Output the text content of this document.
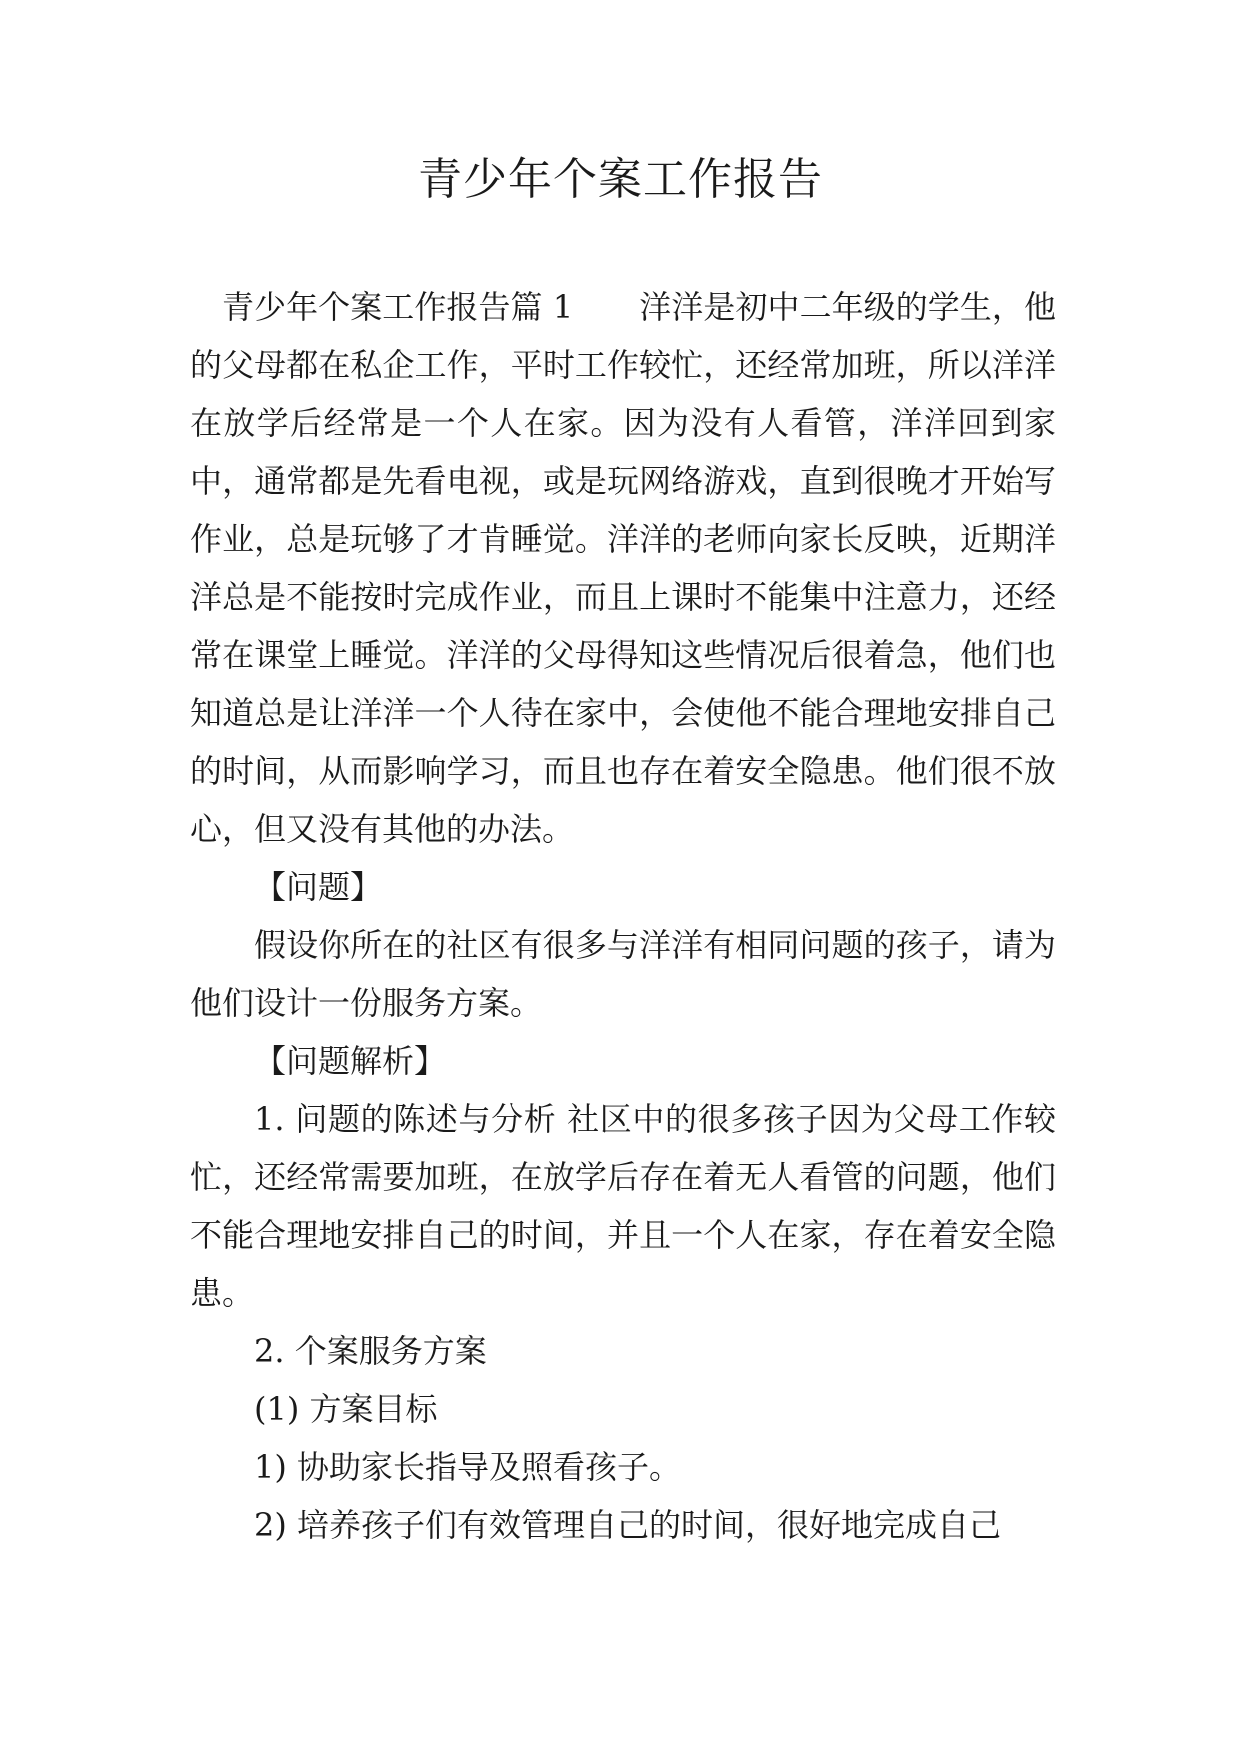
青少年个案工作报告

青少年个案工作报告篇 1 洋洋是初中二年级的学生，他的父母都在私企工作，平时工作较忙，还经常加班，所以洋洋在放学后经常是一个人在家。因为没有人看管，洋洋回到家中，通常都是先看电视，或是玩网络游戏，直到很晚才开始写作业，总是玩够了才肯睡觉。洋洋的老师向家长反映，近期洋洋总是不能按时完成作业，而且上课时不能集中注意力，还经常在课堂上睡觉。洋洋的父母得知这些情况后很着急，他们也知道总是让洋洋一个人待在家中，会使他不能合理地安排自己的时间，从而影响学习，而且也存在着安全隐患。他们很不放心，但又没有其他的办法。

【问题】

假设你所在的社区有很多与洋洋有相同问题的孩子，请为他们设计一份服务方案。

【问题解析】

1. 问题的陈述与分析 社区中的很多孩子因为父母工作较忙，还经常需要加班，在放学后存在着无人看管的问题，他们不能合理地安排自己的时间，并且一个人在家，存在着安全隐患。

2. 个案服务方案

(1) 方案目标

1) 协助家长指导及照看孩子。

2) 培养孩子们有效管理自己的时间，很好地完成自己
